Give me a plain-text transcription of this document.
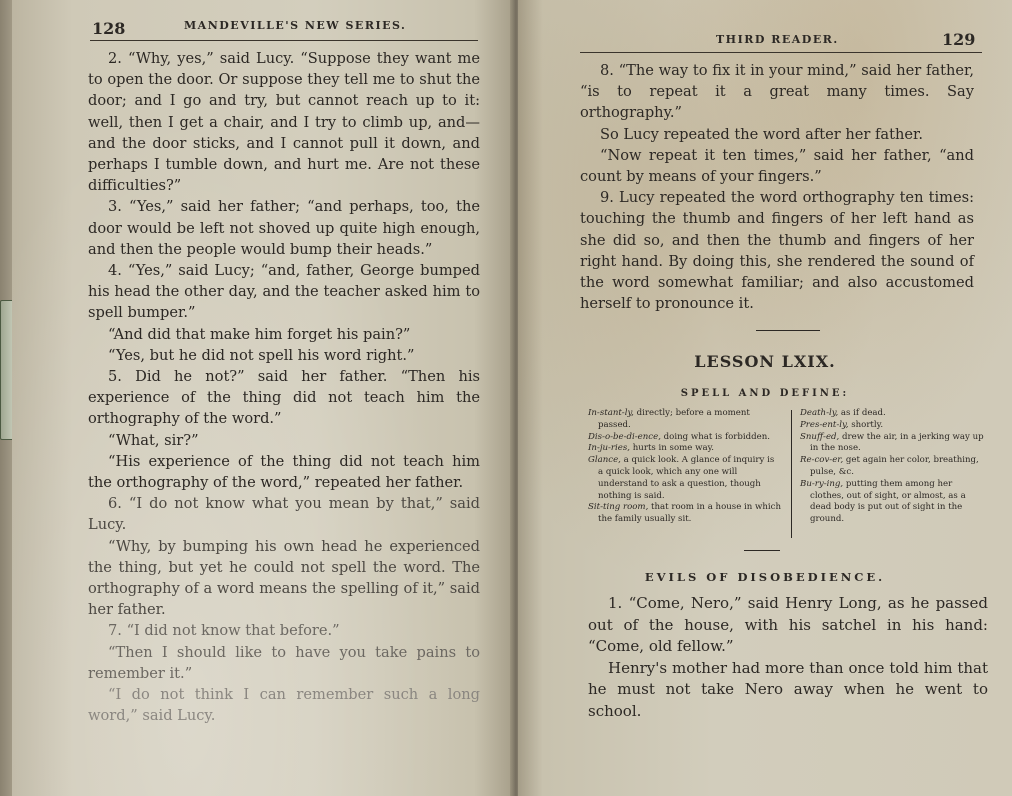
128	MANDEVILLE'S NEW SERIES.

2. “Why, yes,” said Lucy. “Suppose they want me to open the door. Or suppose they tell me to shut the door; and I go and try, but cannot reach up to it: well, then I get a chair, and I try to climb up, and—and the door sticks, and I cannot pull it down, and perhaps I tumble down, and hurt me. Are not these difficulties?”

3. “Yes,” said her father; “and perhaps, too, the door would be left not shoved up quite high enough, and then the people would bump their heads.”

4. “Yes,” said Lucy; “and, father, George bumped his head the other day, and the teacher asked him to spell bumper.”

“And did that make him forget his pain?”

“Yes, but he did not spell his word right.”

5. Did he not?” said her father. “Then his experience of the thing did not teach him the orthography of the word.”

“What, sir?”

“His experience of the thing did not teach him the orthography of the word,” repeated her father.

6. “I do not know what you mean by that,” said Lucy.

“Why, by bumping his own head he experienced the thing, but yet he could not spell the word. The orthography of a word means the spelling of it,” said her father.

7. “I did not know that before.”

“Then I should like to have you take pains to remember it.”

“I do not think I can remember such a long word,” said Lucy.

THIRD READER.	129

8. “The way to fix it in your mind,” said her father, “is to repeat it a great many times. Say orthography.”

So Lucy repeated the word after her father.

“Now repeat it ten times,” said her father, “and count by means of your fingers.”

9. Lucy repeated the word orthography ten times: touching the thumb and fingers of her left hand as she did so, and then the thumb and fingers of her right hand. By doing this, she rendered the sound of the word somewhat familiar; and also accustomed herself to pronounce it.

LESSON LXIX.
SPELL AND DEFINE:

In-stant-ly, directly; before a moment passed.

Dis-o-be-di-ence, doing what is forbidden.

In-ju-ries, hurts in some way.

Glance, a quick look. A glance of inquiry is a quick look, which any one will understand to ask a question, though nothing is said.

Sit-ting room, that room in a house in which the family usually sit.

Death-ly, as if dead.

Pres-ent-ly, shortly.

Snuff-ed, drew the air, in a jerking way up in the nose.

Re-cov-er, get again her color, breathing, pulse, &c.

Bu-ry-ing, putting them among her clothes, out of sight, or almost, as a dead body is put out of sight in the ground.

EVILS OF DISOBEDIENCE.

1. “Come, Nero,” said Henry Long, as he passed out of the house, with his satchel in his hand: “Come, old fellow.”

Henry's mother had more than once told him that he must not take Nero away when he went to school.
